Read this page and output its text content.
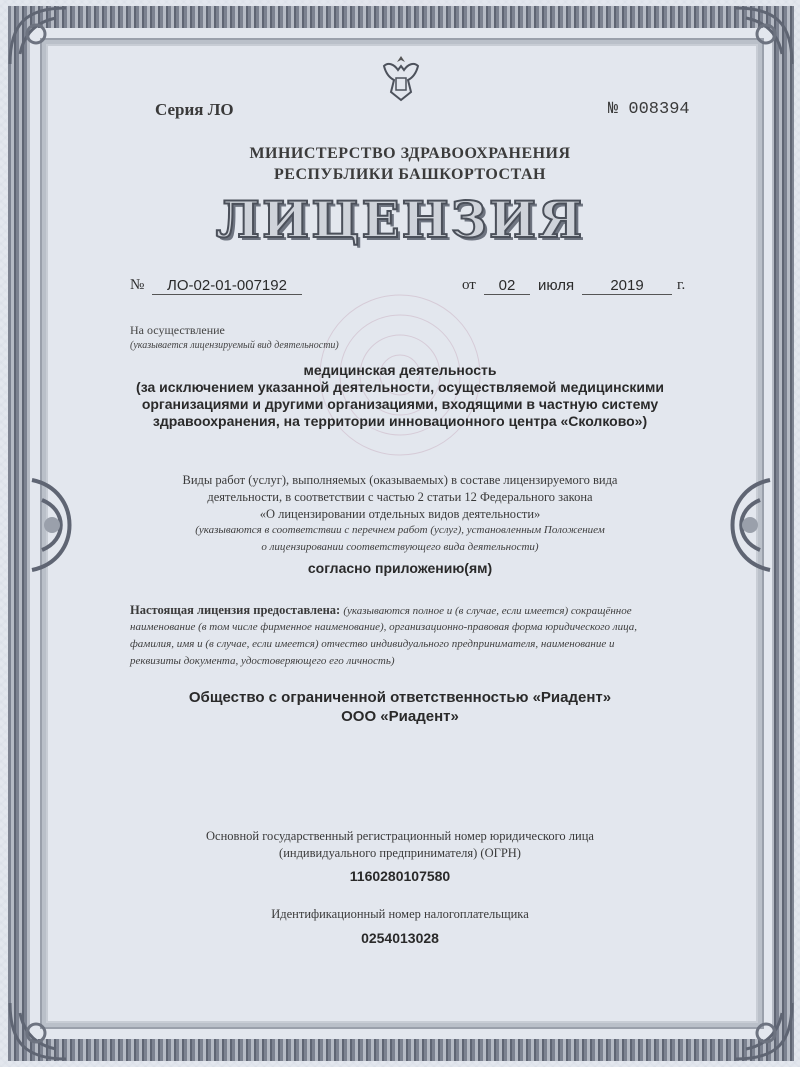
Серия ЛО	№ 008394
МИНИСТЕРСТВО ЗДРАВООХРАНЕНИЯ
РЕСПУБЛИКИ БАШКОРТОСТАН
ЛИЦЕНЗИЯ
№	ЛО-02-01-007192	от	02	июля	2019	г.
На осуществление
(указывается лицензируемый вид деятельности)
медицинская деятельность
(за исключением указанной деятельности, осуществляемой медицинскими
организациями и другими организациями, входящими в частную систему
здравоохранения, на территории инновационного центра «Сколково»)
Виды работ (услуг), выполняемых (оказываемых) в составе лицензируемого вида
деятельности, в соответствии с частью 2 статьи 12 Федерального закона
«О лицензировании отдельных видов деятельности»
(указываются в соответствии с перечнем работ (услуг), установленным Положением
о лицензировании соответствующего вида деятельности)
согласно приложению(ям)
Настоящая лицензия предоставлена: (указываются полное и (в случае, если имеется) сокращённое
наименование (в том числе фирменное наименование), организационно-правовая форма юридического лица,
фамилия, имя и (в случае, если имеется) отчество индивидуального предпринимателя, наименование и
реквизиты документа, удостоверяющего его личность)
Общество с ограниченной ответственностью «Риадент»
ООО «Риадент»
Основной государственный регистрационный номер юридического лица
(индивидуального предпринимателя) (ОГРН)
1160280107580
Идентификационный номер налогоплательщика
0254013028
